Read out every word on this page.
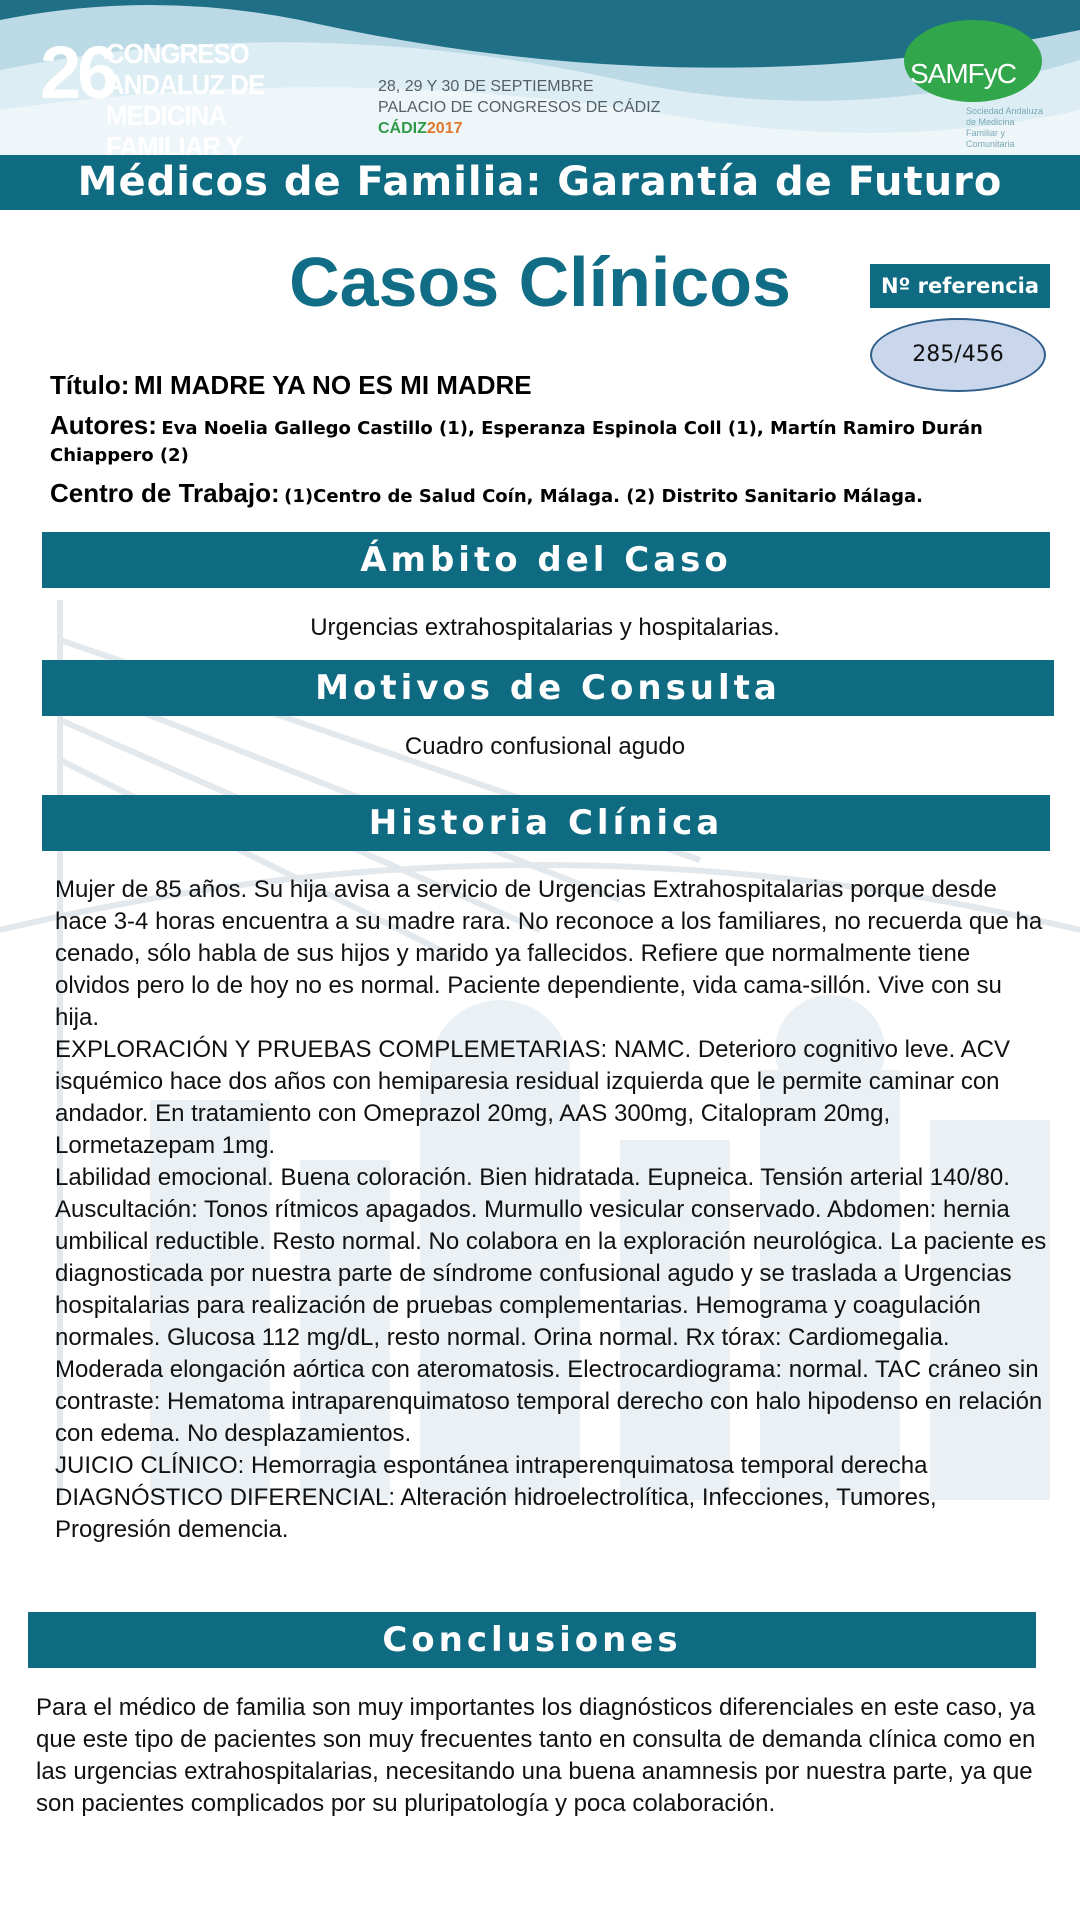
26
CONGRESO ANDALUZ DE MEDICINA FAMILIAR Y
28, 29 Y 30 DE SEPTIEMBRE
PALACIO DE CONGRESOS DE CÁDIZ
CÁDIZ2017
SAMFyC
Sociedad Andaluza de Medicina Familiar y Comunitaria
Médicos de Familia: Garantía de Futuro
Casos Clínicos	Nº referencia
285/456
Título: MI MADRE YA NO ES MI MADRE
Autores: Eva Noelia Gallego Castillo (1), Esperanza Espinola Coll (1), Martín Ramiro Durán Chiappero (2)
Centro de Trabajo: (1)Centro de Salud Coín, Málaga. (2) Distrito Sanitario Málaga.
Ámbito del Caso
Urgencias extrahospitalarias y hospitalarias.
Motivos de Consulta
Cuadro confusional agudo
Historia Clínica

Mujer de 85 años. Su hija avisa a servicio de Urgencias Extrahospitalarias porque desde hace 3-4 horas encuentra a su madre rara. No reconoce a los familiares, no recuerda que ha cenado, sólo habla de sus hijos y marido ya fallecidos. Refiere que normalmente tiene olvidos pero lo de hoy no es normal. Paciente dependiente, vida cama-sillón. Vive con su hija.

EXPLORACIÓN Y PRUEBAS COMPLEMETARIAS: NAMC. Deterioro cognitivo leve. ACV isquémico hace dos años con hemiparesia residual izquierda que le permite caminar con andador. En tratamiento con Omeprazol 20mg, AAS 300mg, Citalopram 20mg, Lormetazepam 1mg.

Labilidad emocional. Buena coloración. Bien hidratada. Eupneica. Tensión arterial 140/80. Auscultación: Tonos rítmicos apagados. Murmullo vesicular conservado. Abdomen: hernia umbilical reductible. Resto normal. No colabora en la exploración neurológica. La paciente es diagnosticada por nuestra parte de síndrome confusional agudo y se traslada a Urgencias hospitalarias para realización de pruebas complementarias. Hemograma y coagulación normales. Glucosa 112 mg/dL, resto normal. Orina normal. Rx tórax: Cardiomegalia. Moderada elongación aórtica con ateromatosis. Electrocardiograma: normal. TAC cráneo sin contraste: Hematoma intraparenquimatoso temporal derecho con halo hipodenso en relación con edema. No desplazamientos.

JUICIO CLÍNICO: Hemorragia espontánea intraperenquimatosa temporal derecha

DIAGNÓSTICO DIFERENCIAL: Alteración hidroelectrolítica, Infecciones, Tumores, Progresión demencia.

Conclusiones
Para el médico de familia son muy importantes los diagnósticos diferenciales en este caso, ya que este tipo de pacientes son muy frecuentes tanto en consulta de demanda clínica como en las urgencias extrahospitalarias, necesitando una buena anamnesis por nuestra parte, ya que son pacientes complicados por su pluripatología y poca colaboración.
